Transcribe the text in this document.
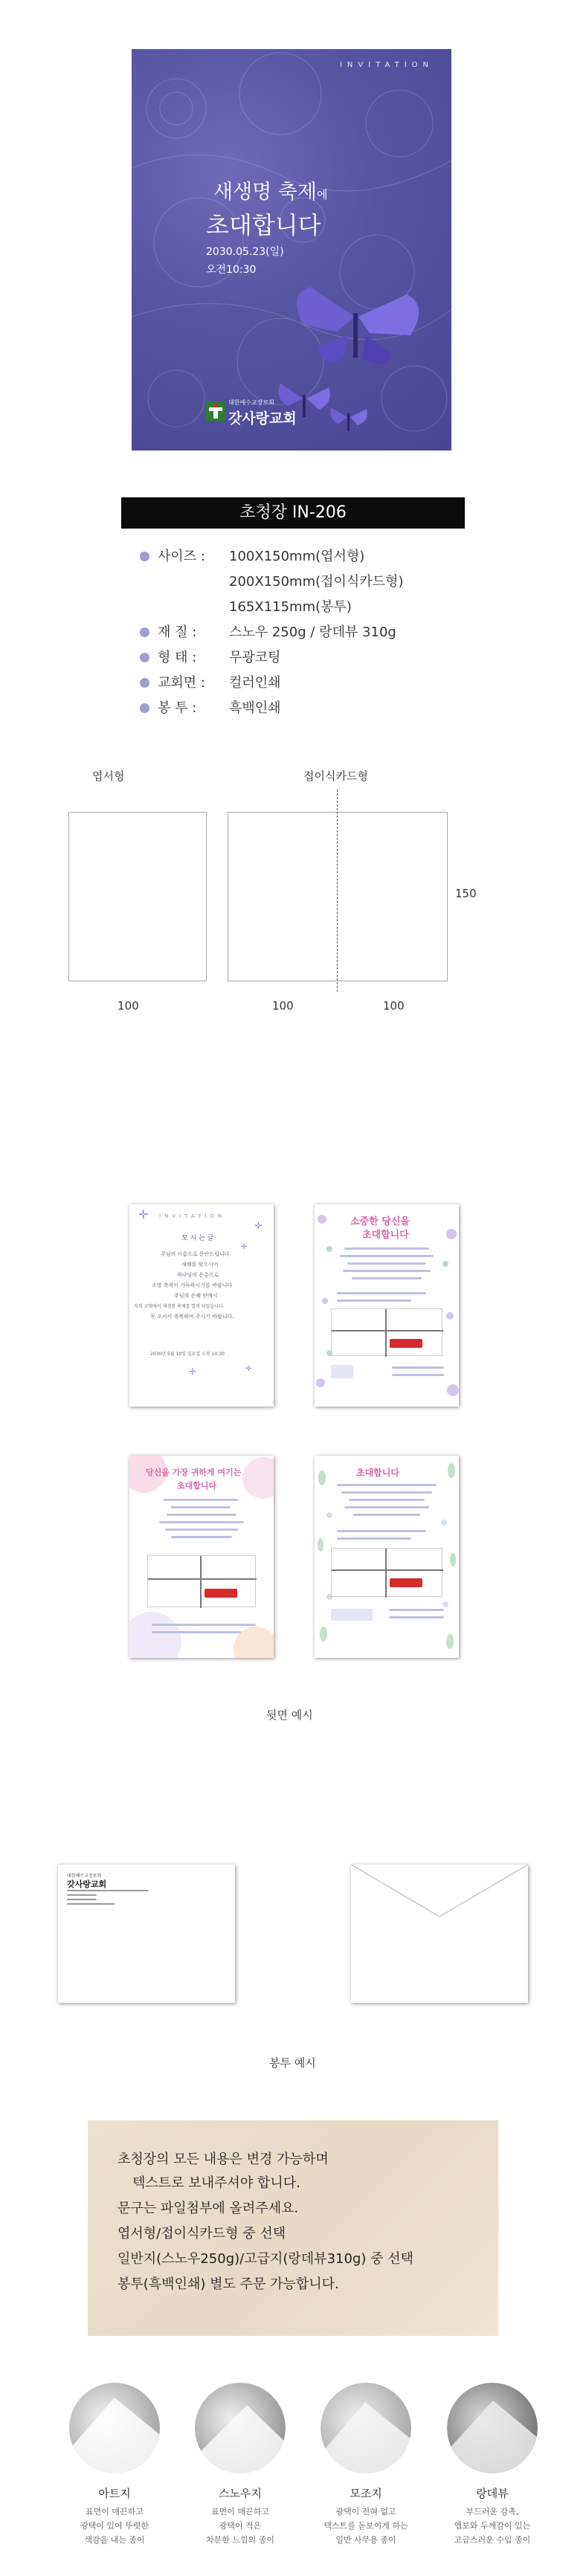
INVITATION
새생명 축제에
초대합니다
2030.05.23(일)
오전10:30
대한예수교장로회
갓사랑교회
초청장 IN-206
사이즈 : 100X150mm(엽서형)
200X150mm(접이식카드형)
165X115mm(봉투)
재 질 : 스노우 250g / 랑데뷰 310g
형 태 : 무광코팅
교회면 : 컬러인쇄
봉 투 : 흑백인쇄
엽서형	접이식카드형
150
100	100	100
INVITATION
✛
✛
✛
모 시 는 글
주님의 이름으로 문안드립니다.
새해를 맞으시어
하나님의 은총으로
소망 축복이 가득하시기를 바랍니다
주님의 은혜 안에서
저희 교회에서 새생명 축제를 열게 되었습니다.
꼭 오셔서 축복하여 주시기 바랍니다.
2030년 5월 10일 일요일 오전 10:30
✛	✛
소중한 당신을
초대합니다
당신을 가장 귀하게 여기는
초대합니다
초대합니다
뒷면 예시
대한예수교장로회
갓사랑교회
봉투 예시
초청장의 모든 내용은 변경 가능하며
텍스트로 보내주셔야 합니다.
문구는 파일첨부에 올려주세요.
엽서형/접이식카드형 중 선택
일반지(스노우250g)/고급지(랑데뷰310g) 중 선택
봉투(흑백인쇄) 별도 주문 가능합니다.
아트지	스노우지	모조지	랑데뷰
표면이 매끈하고
광택이 있어 뚜렷한
색감을 내는 종이
표면이 매끈하고
광택이 적은
차분한 느낌의 종이
광택이 전혀 없고
텍스트를 돋보이게 하는
일반 사무용 종이
부드러운 감촉,
엠보와 두께감이 있는
고급스러운 수입 종이
